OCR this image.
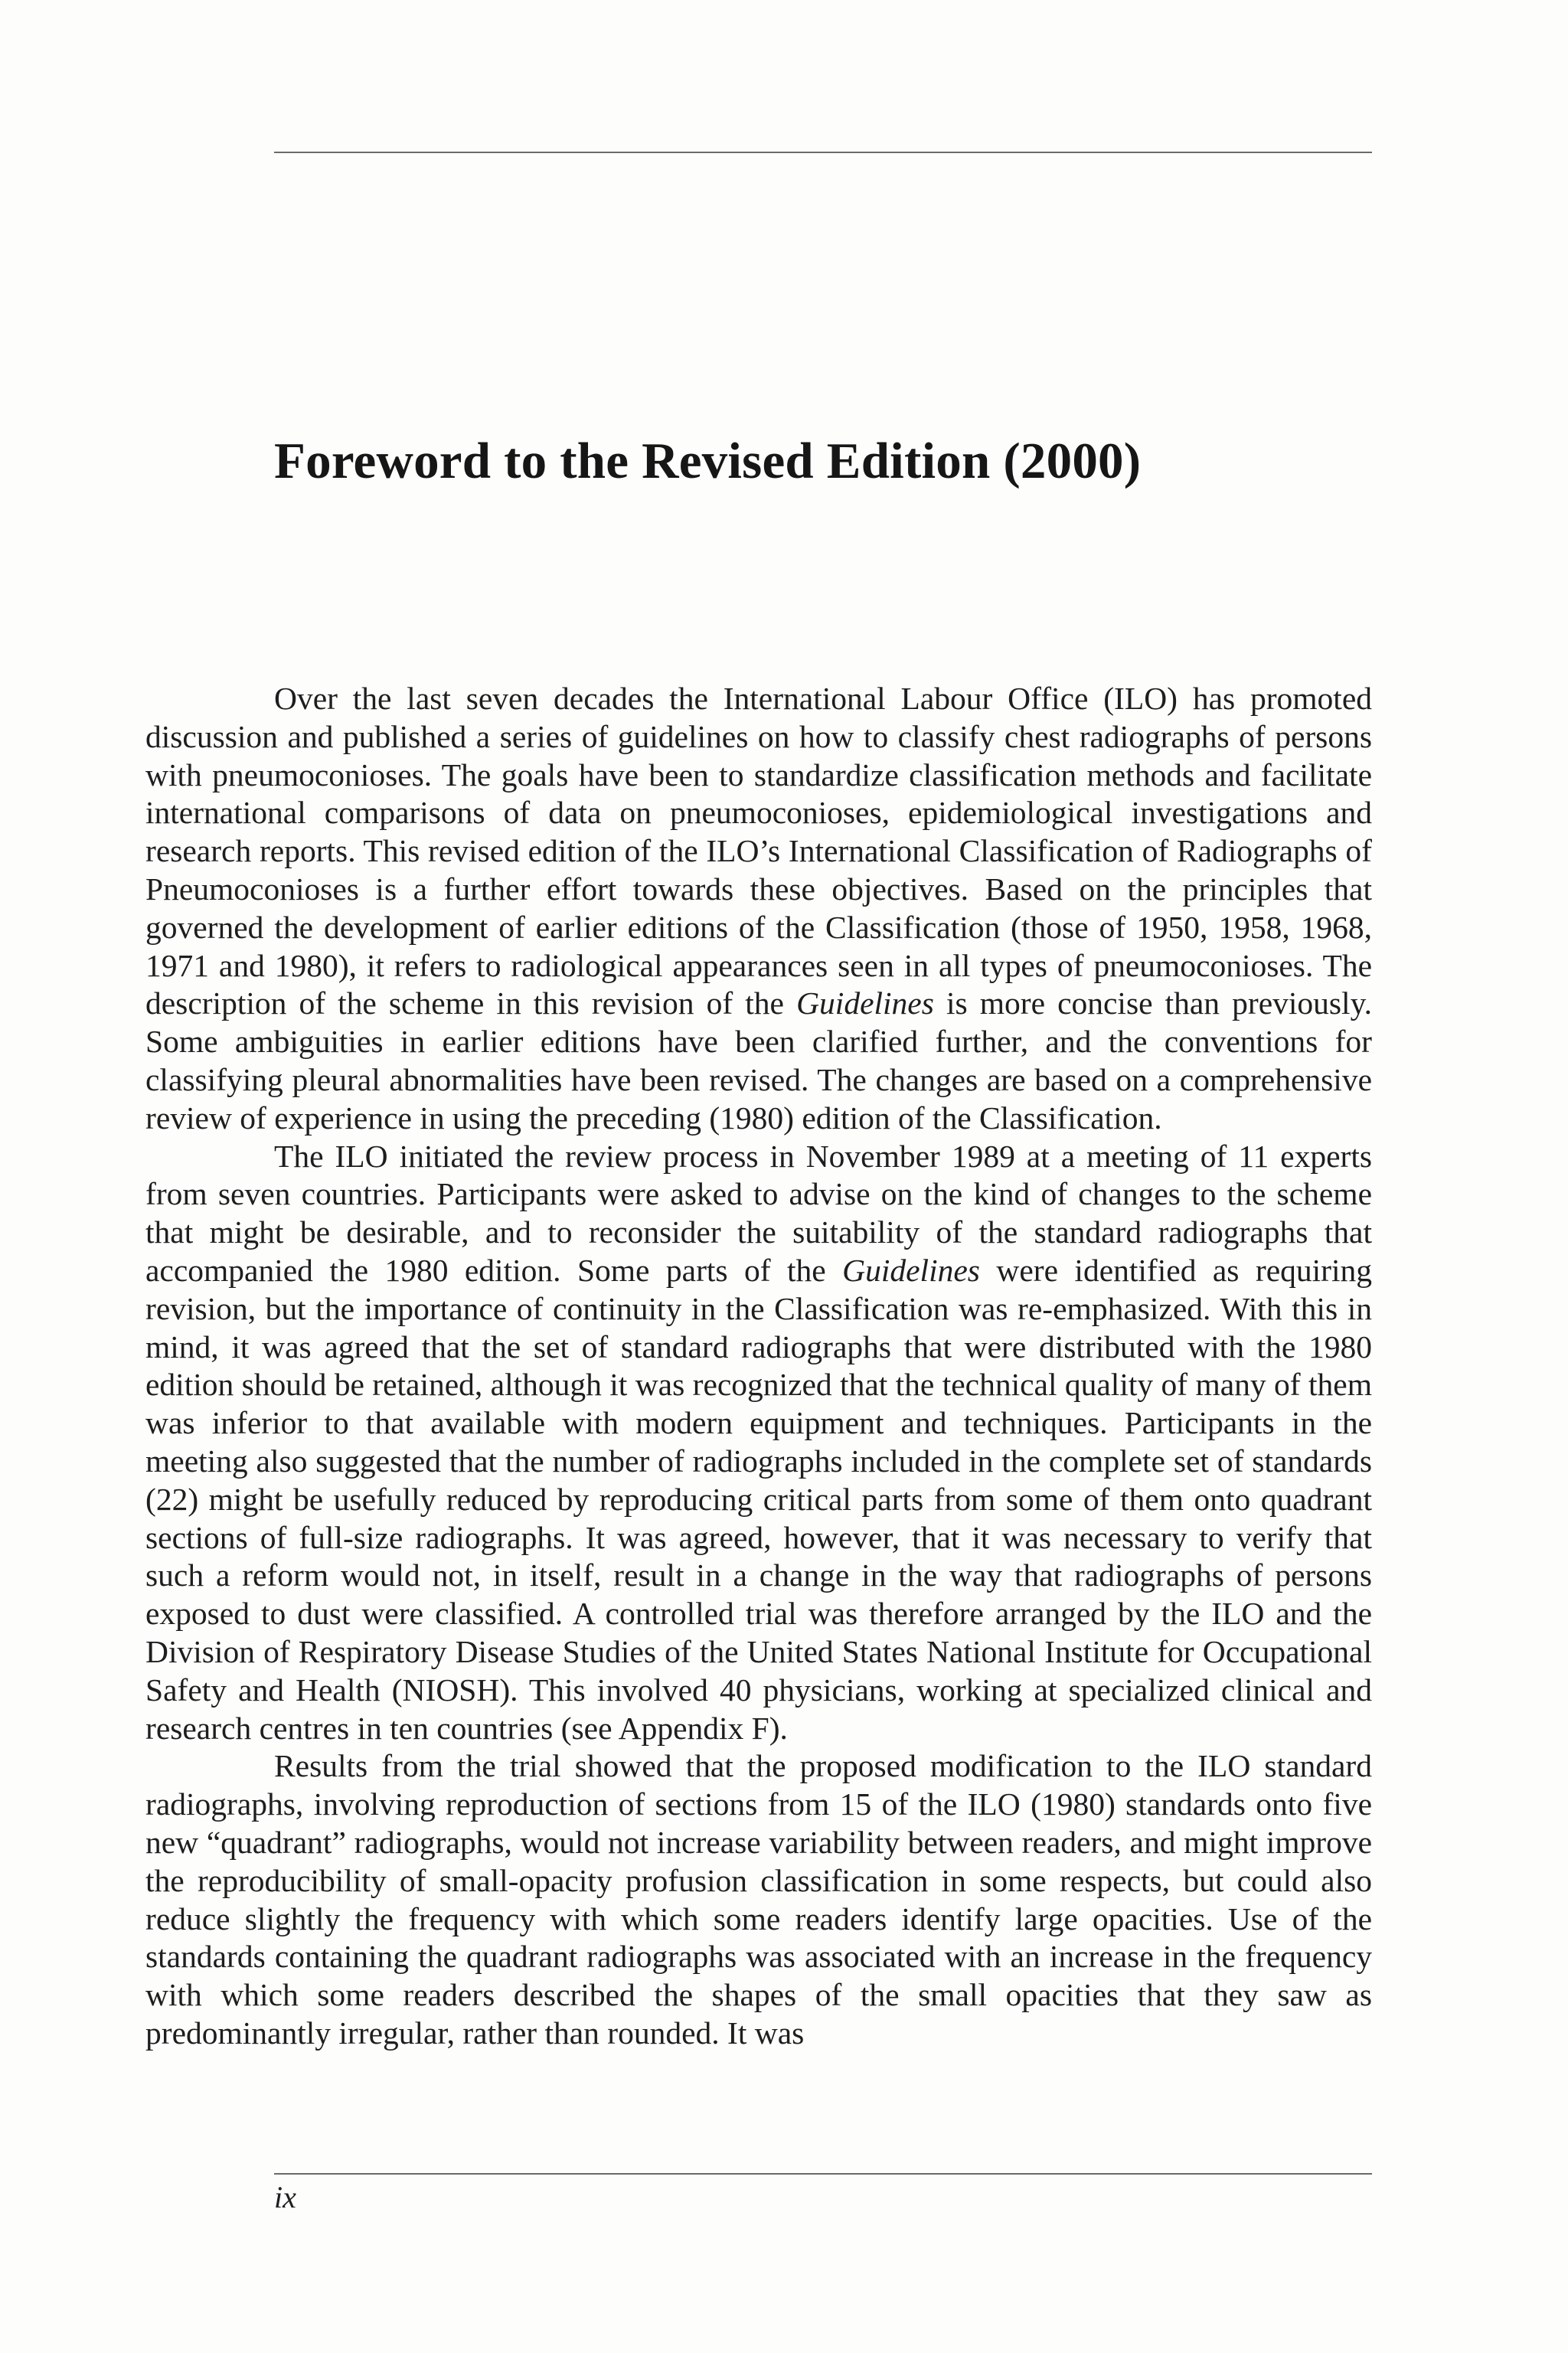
Foreword to the Revised Edition (2000)

Over the last seven decades the International Labour Office (ILO) has promoted discussion and published a series of guidelines on how to classify chest radiographs of persons with pneumoconioses. The goals have been to standardize classification methods and facilitate international comparisons of data on pneumoconioses, epidemiological investigations and research reports. This revised edition of the ILO’s International Classification of Radiographs of Pneumoconioses is a further effort towards these objectives. Based on the principles that governed the development of earlier editions of the Classification (those of 1950, 1958, 1968, 1971 and 1980), it refers to radiological appearances seen in all types of pneumoconioses. The description of the scheme in this revision of the Guidelines is more concise than previously. Some ambiguities in earlier editions have been clarified further, and the conventions for classifying pleural abnormalities have been revised. The changes are based on a comprehensive review of experience in using the preceding (1980) edition of the Classification.

The ILO initiated the review process in November 1989 at a meeting of 11 experts from seven countries. Participants were asked to advise on the kind of changes to the scheme that might be desirable, and to reconsider the suitability of the standard radiographs that accompanied the 1980 edition. Some parts of the Guidelines were identified as requiring revision, but the importance of continuity in the Classification was re-emphasized. With this in mind, it was agreed that the set of standard radiographs that were distributed with the 1980 edition should be retained, although it was recognized that the technical quality of many of them was inferior to that available with modern equipment and techniques. Participants in the meeting also suggested that the number of radiographs included in the complete set of standards (22) might be usefully reduced by reproducing critical parts from some of them onto quadrant sections of full-size radiographs. It was agreed, however, that it was necessary to verify that such a reform would not, in itself, result in a change in the way that radiographs of persons exposed to dust were classified. A controlled trial was therefore arranged by the ILO and the Division of Respiratory Disease Studies of the United States National Institute for Occupational Safety and Health (NIOSH). This involved 40 physicians, working at specialized clinical and research centres in ten countries (see Appendix F).

Results from the trial showed that the proposed modification to the ILO standard radiographs, involving reproduction of sections from 15 of the ILO (1980) standards onto five new “quadrant” radiographs, would not increase variability between readers, and might improve the reproducibility of small-opacity profusion classification in some respects, but could also reduce slightly the frequency with which some readers identify large opacities. Use of the standards containing the quadrant radiographs was associated with an increase in the frequency with which some readers described the shapes of the small opacities that they saw as predominantly irregular, rather than rounded. It was

ix
